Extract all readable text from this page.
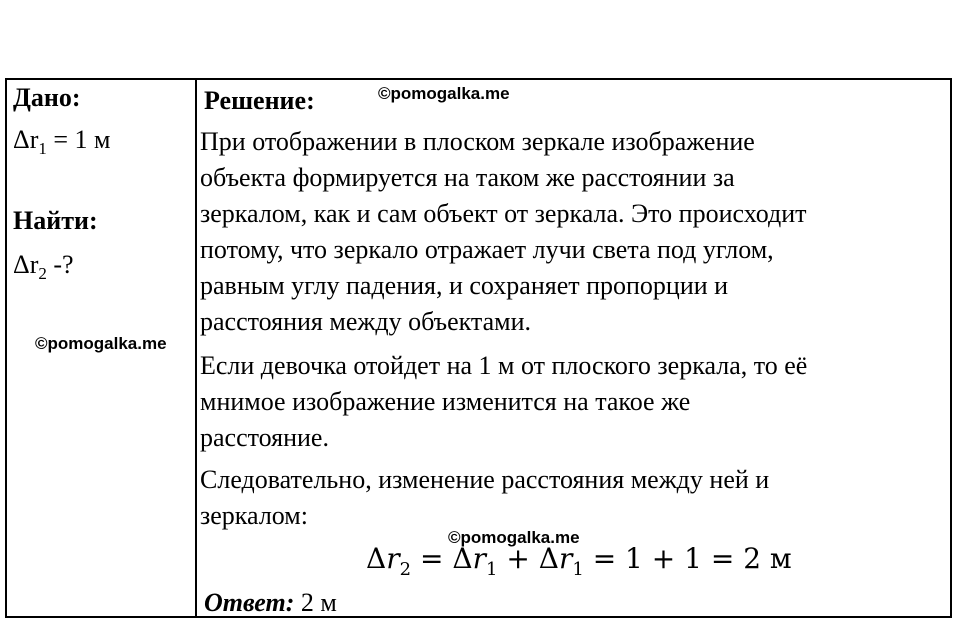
Дано:
$\Delta r_1 = 1$ м
Найти:
$\Delta r_2$ -?
©pomogalka.me
©pomogalka.me
©pomogalka.me
Решение:
При отображении в плоском зеркале изображение
объекта формируется на таком же расстоянии за
зеркалом, как и сам объект от зеркала. Это происходит
потому, что зеркало отражает лучи света под углом,
равным углу падения, и сохраняет пропорции и
расстояния между объектами.
Если девочка отойдет на 1 м от плоского зеркала, то её
мнимое изображение изменится на такое же
расстояние.
Следовательно, изменение расстояния между ней и
зеркалом:
$\Delta r_2 = \Delta r_1 + \Delta r_1 = 1 + 1 = 2$ м
Ответ: 2 м
